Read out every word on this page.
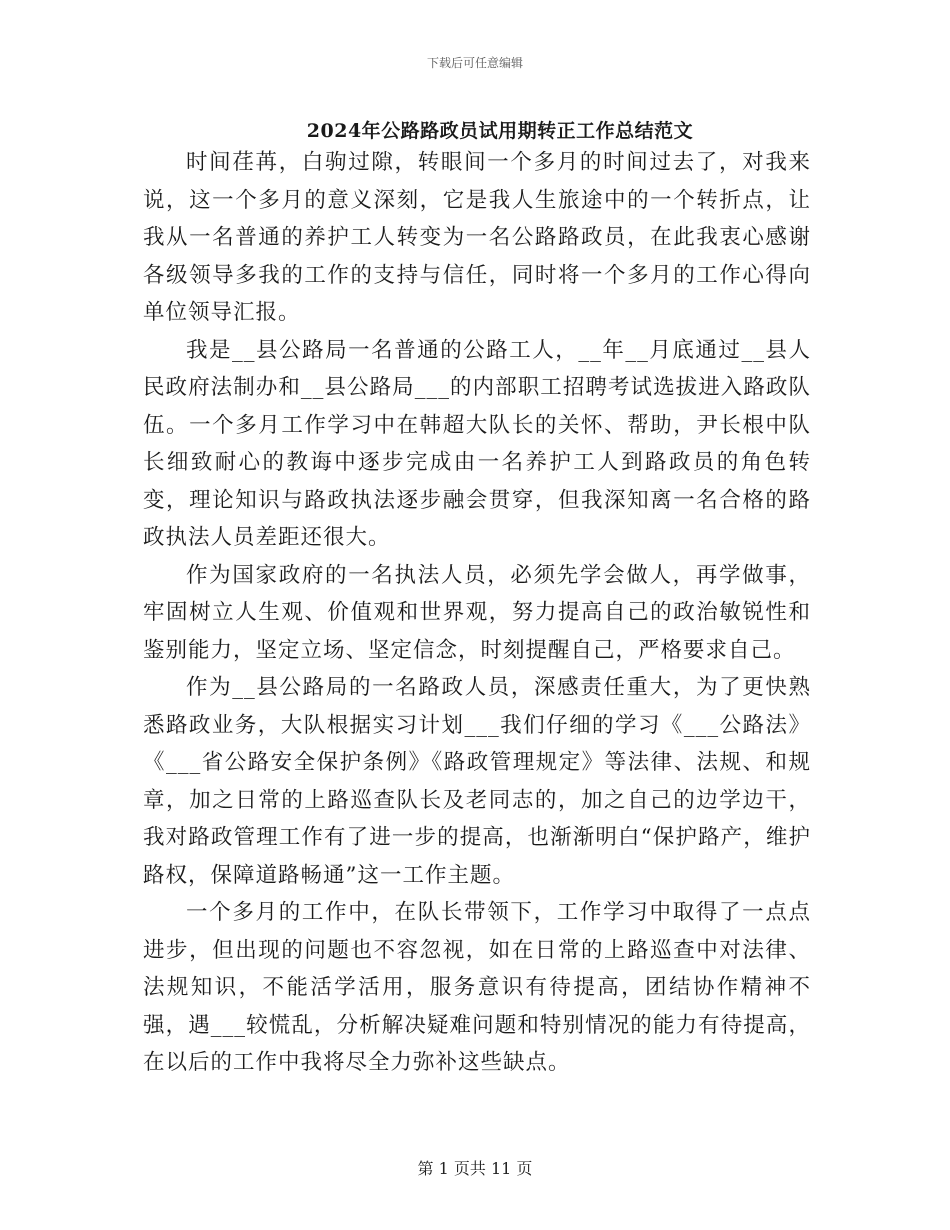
下载后可任意编辑
2024年公路路政员试用期转正工作总结范文

时间荏苒，白驹过隙，转眼间一个多月的时间过去了，对我来说，这一个多月的意义深刻，它是我人生旅途中的一个转折点，让我从一名普通的养护工人转变为一名公路路政员，在此我衷心感谢各级领导多我的工作的支持与信任，同时将一个多月的工作心得向单位领导汇报。

我是__县公路局一名普通的公路工人，__年__月底通过__县人民政府法制办和__县公路局___的内部职工招聘考试选拔进入路政队伍。一个多月工作学习中在韩超大队长的关怀、帮助，尹长根中队长细致耐心的教诲中逐步完成由一名养护工人到路政员的角色转变，理论知识与路政执法逐步融会贯穿，但我深知离一名合格的路政执法人员差距还很大。

作为国家政府的一名执法人员，必须先学会做人，再学做事，牢固树立人生观、价值观和世界观，努力提高自己的政治敏锐性和鉴别能力，坚定立场、坚定信念，时刻提醒自己，严格要求自己。

作为__县公路局的一名路政人员，深感责任重大，为了更快熟悉路政业务，大队根据实习计划___我们仔细的学习《___公路法》《___省公路安全保护条例》《路政管理规定》等法律、法规、和规章，加之日常的上路巡查队长及老同志的，加之自己的边学边干，我对路政管理工作有了进一步的提高，也渐渐明白“保护路产，维护路权，保障道路畅通”这一工作主题。

一个多月的工作中，在队长带领下，工作学习中取得了一点点进步，但出现的问题也不容忽视，如在日常的上路巡查中对法律、法规知识，不能活学活用，服务意识有待提高，团结协作精神不强，遇___较慌乱，分析解决疑难问题和特别情况的能力有待提高，在以后的工作中我将尽全力弥补这些缺点。

第 1 页共 11 页
